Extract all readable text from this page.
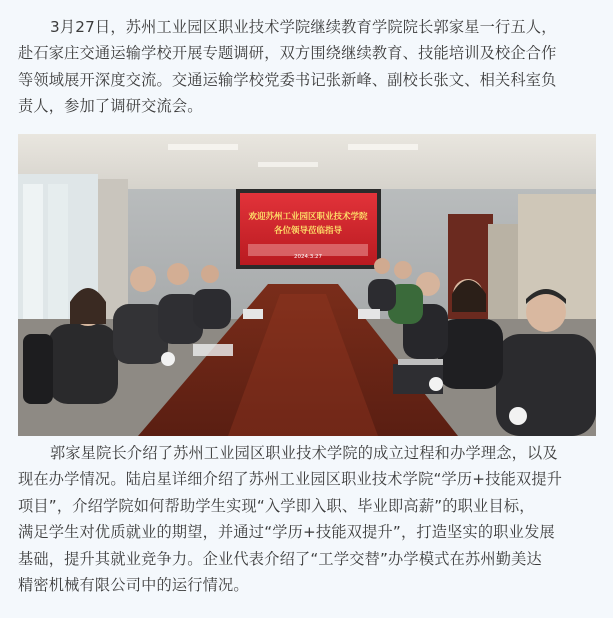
3月27日，苏州工业园区职业技术学院继续教育学院院长郭家星一行五人，
赴石家庄交通运输学校开展专题调研，双方围绕继续教育、技能培训及校企合作
等领域展开深度交流。交通运输学校党委书记张新峰、副校长张文、相关科室负
责人，参加了调研交流会。

欢迎苏州工业园区职业技术学院
各位领导莅临指导
2024.3.27

郭家星院长介绍了苏州工业园区职业技术学院的成立过程和办学理念，以及
现在办学情况。陆启星详细介绍了苏州工业园区职业技术学院“学历+技能双提升
项目”，介绍学院如何帮助学生实现“入学即入职、毕业即高薪”的职业目标，
满足学生对优质就业的期望，并通过“学历+技能双提升”，打造坚实的职业发展
基础，提升其就业竞争力。企业代表介绍了“工学交替”办学模式在苏州勤美达
精密机械有限公司中的运行情况。
